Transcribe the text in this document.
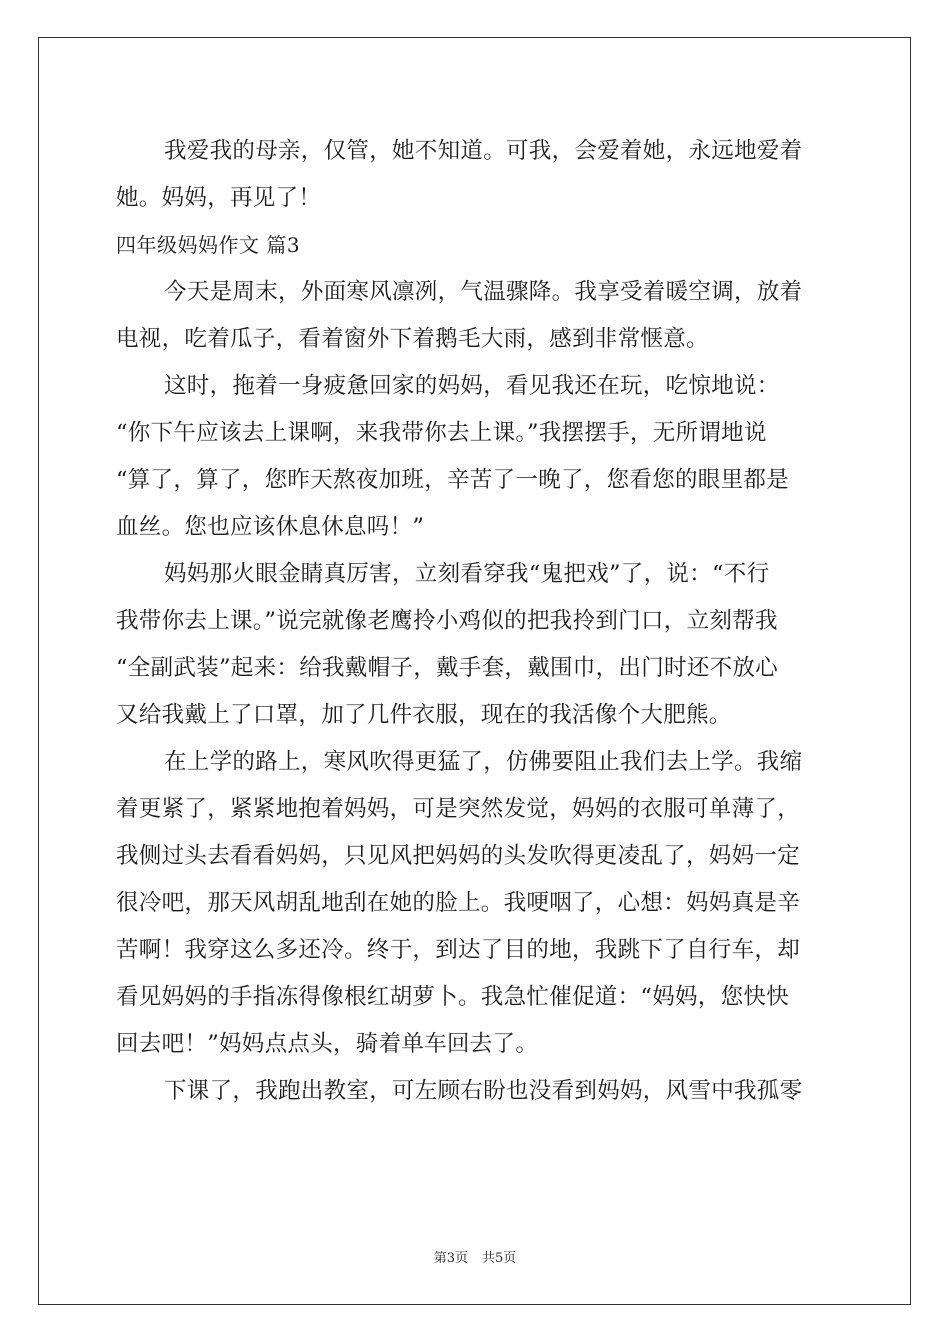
我爱我的母亲，仅管，她不知道。可我，会爱着她，永远地爱着
她。妈妈，再见了！
四年级妈妈作文 篇3
今天是周末，外面寒风凛冽，气温骤降。我享受着暖空调，放着
电视，吃着瓜子，看着窗外下着鹅毛大雨，感到非常惬意。
这时，拖着一身疲惫回家的妈妈，看见我还在玩，吃惊地说：
“你下午应该去上课啊，来我带你去上课。”我摆摆手，无所谓地说
“算了，算了，您昨天熬夜加班，辛苦了一晚了，您看您的眼里都是
血丝。您也应该休息休息吗！”
妈妈那火眼金睛真厉害，立刻看穿我“鬼把戏”了，说：“不行
我带你去上课。”说完就像老鹰拎小鸡似的把我拎到门口，立刻帮我
“全副武装”起来：给我戴帽子，戴手套，戴围巾，出门时还不放心
又给我戴上了口罩，加了几件衣服，现在的我活像个大肥熊。
在上学的路上，寒风吹得更猛了，仿佛要阻止我们去上学。我缩
着更紧了，紧紧地抱着妈妈，可是突然发觉，妈妈的衣服可单薄了，
我侧过头去看看妈妈，只见风把妈妈的头发吹得更凌乱了，妈妈一定
很冷吧，那天风胡乱地刮在她的脸上。我哽咽了，心想：妈妈真是辛
苦啊！我穿这么多还冷。终于，到达了目的地，我跳下了自行车，却
看见妈妈的手指冻得像根红胡萝卜。我急忙催促道：“妈妈，您快快
回去吧！”妈妈点点头，骑着单车回去了。
下课了，我跑出教室，可左顾右盼也没看到妈妈，风雪中我孤零
第3页 共5页
